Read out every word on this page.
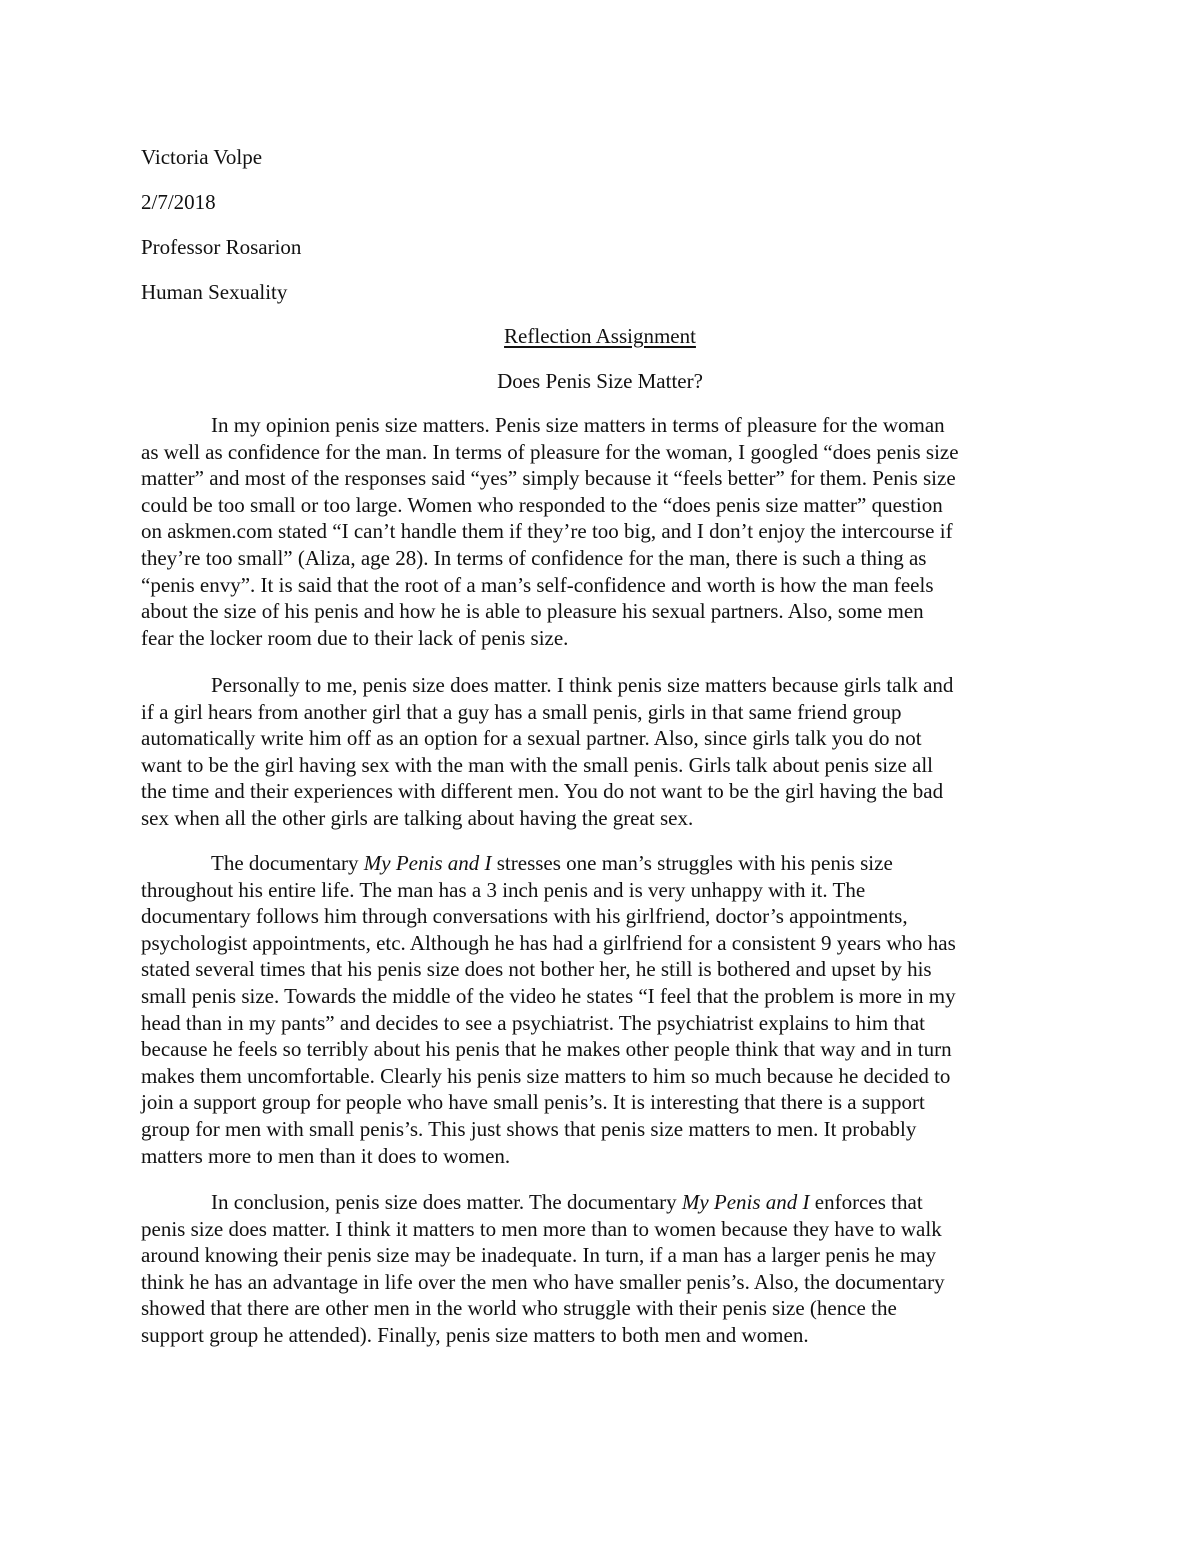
Victoria Volpe

2/7/2018

Professor Rosarion

Human Sexuality

Reflection Assignment

Does Penis Size Matter?

In my opinion penis size matters. Penis size matters in terms of pleasure for the woman
as well as confidence for the man. In terms of pleasure for the woman, I googled “does penis size
matter” and most of the responses said “yes” simply because it “feels better” for them. Penis size
could be too small or too large. Women who responded to the “does penis size matter” question
on askmen.com stated “I can’t handle them if they’re too big, and I don’t enjoy the intercourse if
they’re too small” (Aliza, age 28). In terms of confidence for the man, there is such a thing as
“penis envy”. It is said that the root of a man’s self-confidence and worth is how the man feels
about the size of his penis and how he is able to pleasure his sexual partners. Also, some men
fear the locker room due to their lack of penis size.
Personally to me, penis size does matter. I think penis size matters because girls talk and
if a girl hears from another girl that a guy has a small penis, girls in that same friend group
automatically write him off as an option for a sexual partner. Also, since girls talk you do not
want to be the girl having sex with the man with the small penis. Girls talk about penis size all
the time and their experiences with different men. You do not want to be the girl having the bad
sex when all the other girls are talking about having the great sex.
The documentary My Penis and I stresses one man’s struggles with his penis size
throughout his entire life. The man has a 3 inch penis and is very unhappy with it. The
documentary follows him through conversations with his girlfriend, doctor’s appointments,
psychologist appointments, etc. Although he has had a girlfriend for a consistent 9 years who has
stated several times that his penis size does not bother her, he still is bothered and upset by his
small penis size. Towards the middle of the video he states “I feel that the problem is more in my
head than in my pants” and decides to see a psychiatrist. The psychiatrist explains to him that
because he feels so terribly about his penis that he makes other people think that way and in turn
makes them uncomfortable. Clearly his penis size matters to him so much because he decided to
join a support group for people who have small penis’s. It is interesting that there is a support
group for men with small penis’s. This just shows that penis size matters to men. It probably
matters more to men than it does to women.
In conclusion, penis size does matter. The documentary My Penis and I enforces that
penis size does matter. I think it matters to men more than to women because they have to walk
around knowing their penis size may be inadequate. In turn, if a man has a larger penis he may
think he has an advantage in life over the men who have smaller penis’s. Also, the documentary
showed that there are other men in the world who struggle with their penis size (hence the
support group he attended). Finally, penis size matters to both men and women.
